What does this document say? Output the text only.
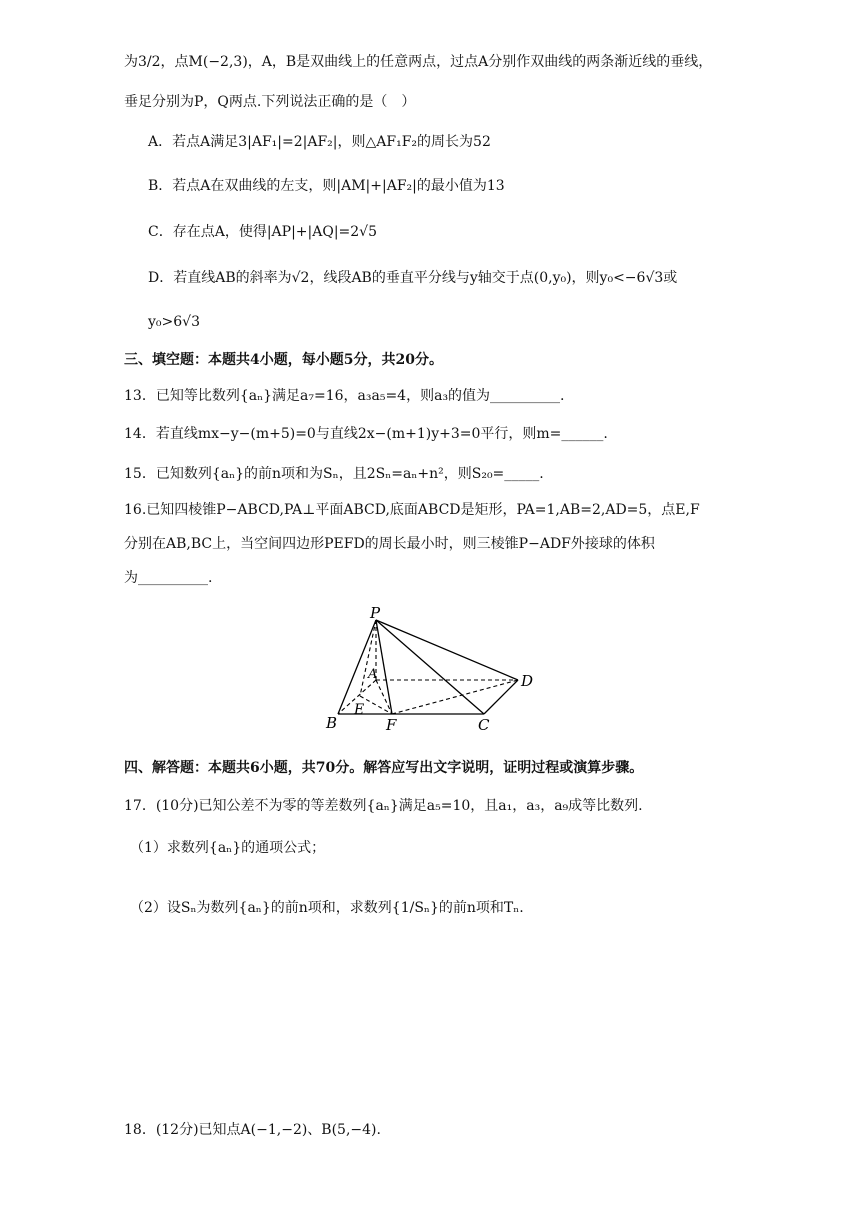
为3/2，点M(−2,3)，A，B是双曲线上的任意两点，过点A分别作双曲线的两条渐近线的垂线，
垂足分别为P，Q两点.下列说法正确的是（　）
A．若点A满足3|AF₁|=2|AF₂|，则△AF₁F₂的周长为52
B．若点A在双曲线的左支，则|AM|+|AF₂|的最小值为13
C．存在点A，使得|AP|+|AQ|=2√5
D．若直线AB的斜率为√2，线段AB的垂直平分线与y轴交于点(0,y₀)，则y₀<−6√3或
y₀>6√3
三、填空题：本题共4小题，每小题5分，共20分。
13．已知等比数列{aₙ}满足a₇=16，a₃a₅=4，则a₃的值为__________.
14．若直线mx−y−(m+5)=0与直线2x−(m+1)y+3=0平行，则m=______.
15．已知数列{aₙ}的前n项和为Sₙ，且2Sₙ=aₙ+n²，则S₂₀=_____.
16.已知四棱锥P−ABCD,PA⊥平面ABCD,底面ABCD是矩形，PA=1,AB=2,AD=5，点E,F
分别在AB,BC上，当空间四边形PEFD的周长最小时，则三棱锥P−ADF外接球的体积
为__________.
四、解答题：本题共6小题，共70分。解答应写出文字说明，证明过程或演算步骤。
17．(10分)已知公差不为零的等差数列{aₙ}满足a₅=10，且a₁，a₃，a₉成等比数列.
（1）求数列{aₙ}的通项公式；
（2）设Sₙ为数列{aₙ}的前n项和，求数列{1/Sₙ}的前n项和Tₙ.
18．(12分)已知点A(−1,−2)、B(5,−4).
P
A
B	C
D
E
F
